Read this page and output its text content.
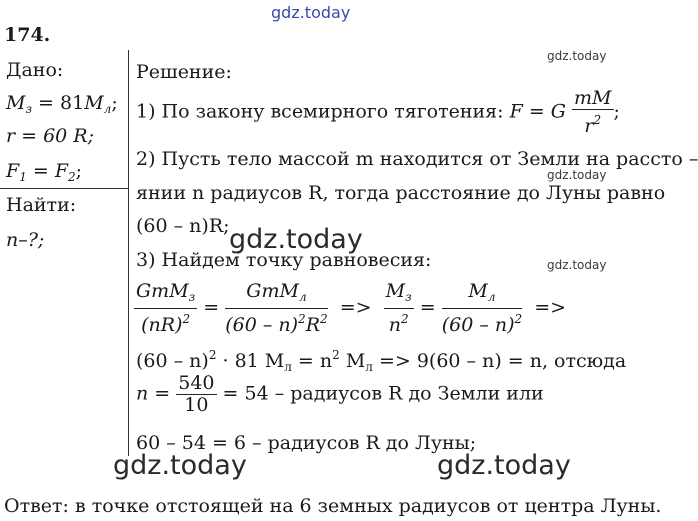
gdz.today
gdz.today
gdz.today
gdz.today
174.
Дано:
$M_з = 81M_л$;
r = 60 R;
$F_1 = F_2$;
Найти:
n–?;
Решение:
1) По закону всемирного тяготения: F = G $\frac{mM}{r^2}$ ;
2) Пусть тело массой m находится от Земли на рассто –
янии n радиусов R, тогда расстояние до Луны равно
(60 – n)R;
3) Найдем точку равновесия:
$\frac{GmM_з}{(nR)^2} = \frac{GmM_л}{(60 - n)^2R^2} => \frac{M_з}{n^2} = \frac{M_л}{(60 - n)^2}$ =>
(60 – n)$^2$ · 81 $M_л = n^2$ $M_л => 9(60 - n) = n$, отсюда
$n = \frac{540}{10} = 54$ – радиусов R до Земли или
60 – 54 = 6 – радиусов R до Луны;
gdz.today
gdz.today	gdz.today
Ответ: в точке отстоящей на 6 земных радиусов от центра Луны.
